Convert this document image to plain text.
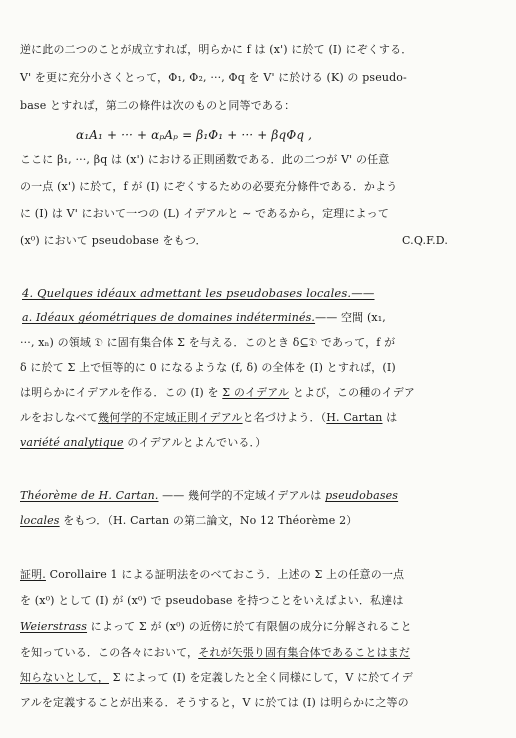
逆に此の二つのことが成立すれば，明らかに f は (x') に於て (I) にぞくする．
V' を更に充分小さくとって，Φ₁, Φ₂, ···, Φq を V' に於ける (K) の pseudo-
base とすれば，第二の條件は次のものと同等である：
α₁A₁ + ··· + αₚAₚ = β₁Φ₁ + ··· + βqΦq ,
ここに β₁, ···, βq は (x') における正則函数である．此の二つが V' の任意
の一点 (x') に於て，f が (I) にぞくするための必要充分條件である．かよう
に (I) は V' において一つの (L) イデアルと ∼ であるから，定理によって
(x⁰) において pseudobase をもつ．	C.Q.F.D.
4. Quelques idéaux admettant les pseudobases locales.——
a. Idéaux géométriques de domaines indéterminés.—— 空間 (x₁,
···, xₙ) の領域 𝔇 に固有集合体 Σ を与える．このとき δ⊆𝔇 であって，f が
δ に於て Σ 上で恒等的に 0 になるような (f, δ) の全体を (I) とすれば，(I)
は明らかにイデアルを作る．この (I) を Σ のイデアル とよび，この種のイデア
ルをおしなべて幾何学的不定域正則イデアルと名づけよう．（H. Cartan は
variété analytique のイデアルとよんでいる．）
Théorème de H. Cartan. —— 幾何学的不定域イデアルは pseudobases
locales をもつ．（H. Cartan の第二論文，No 12 Théorème 2）
証明. Corollaire 1 による証明法をのべておこう．上述の Σ 上の任意の一点
を (x⁰) として (I) が (x⁰) で pseudobase を持つことをいえばよい．私達は
Weierstrass によって Σ が (x⁰) の近傍に於て有限個の成分に分解されること
を知っている．この各々において，それが矢張り固有集合体であることはまだ
知らないとして， Σ によって (I) を定義したと全く同様にして，V に於てイデ
アルを定義することが出来る．そうすると，V に於ては (I) は明らかに之等の
